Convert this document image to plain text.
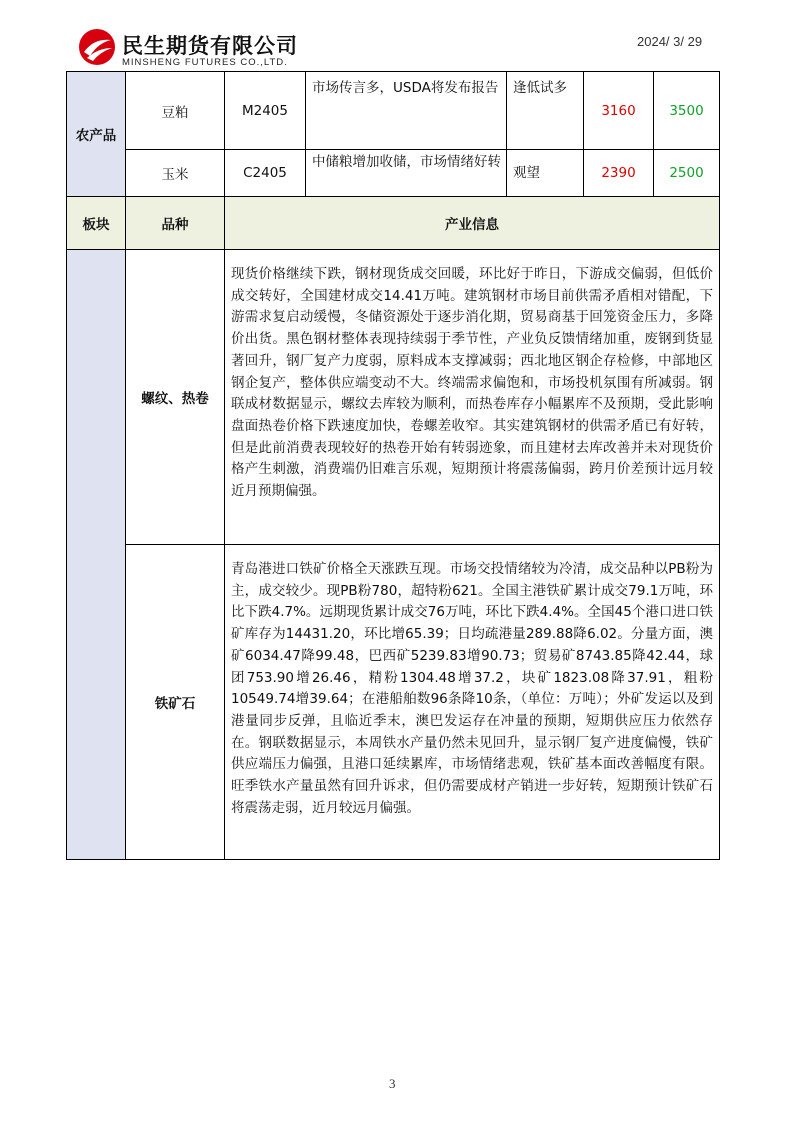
民生期货有限公司
MINSHENG FUTURES CO.,LTD.
2024/ 3/ 29
农产品	豆粕	M2405	市场传言多，USDA将发布报告	逢低试多	3160	3500
	玉米	C2405	中储粮增加收储，市场情绪好转	观望	2390	2500
板块	品种	产业信息				
	螺纹、热卷	现货价格继续下跌，钢材现货成交回暖，环比好于昨日，下游成交偏弱，但低价成交转好，全国建材成交14.41万吨。建筑钢材市场目前供需矛盾相对错配，下游需求复启动缓慢，冬储资源处于逐步消化期，贸易商基于回笼资金压力，多降价出货。黑色钢材整体表现持续弱于季节性，产业负反馈情绪加重，废钢到货显著回升，钢厂复产力度弱，原料成本支撑减弱；西北地区钢企存检修，中部地区钢企复产，整体供应端变动不大。终端需求偏饱和，市场投机氛围有所减弱。钢联成材数据显示，螺纹去库较为顺利，而热卷库存小幅累库不及预期，受此影响盘面热卷价格下跌速度加快，卷螺差收窄。其实建筑钢材的供需矛盾已有好转，但是此前消费表现较好的热卷开始有转弱迹象，而且建材去库改善并未对现货价格产生刺激，消费端仍旧难言乐观，短期预计将震荡偏弱，跨月价差预计远月较近月预期偏强。				
	铁矿石	青岛港进口铁矿价格全天涨跌互现。市场交投情绪较为冷清，成交品种以PB粉为主，成交较少。现PB粉780，超特粉621。全国主港铁矿累计成交79.1万吨，环比下跌4.7%。远期现货累计成交76万吨，环比下跌4.4%。全国45个港口进口铁矿库存为14431.20，环比增65.39；日均疏港量289.88降6.02。分量方面，澳矿6034.47降99.48，巴西矿5239.83增90.73；贸易矿8743.85降42.44，球团753.90增26.46，精粉1304.48增37.2，块矿1823.08降37.91，粗粉10549.74增39.64；在港船舶数96条降10条，（单位：万吨）；外矿发运以及到港量同步反弹，且临近季末，澳巴发运存在冲量的预期，短期供应压力依然存在。钢联数据显示，本周铁水产量仍然未见回升，显示钢厂复产进度偏慢，铁矿供应端压力偏强，且港口延续累库，市场情绪悲观，铁矿基本面改善幅度有限。旺季铁水产量虽然有回升诉求，但仍需要成材产销进一步好转，短期预计铁矿石将震荡走弱，近月较远月偏强。				
3
